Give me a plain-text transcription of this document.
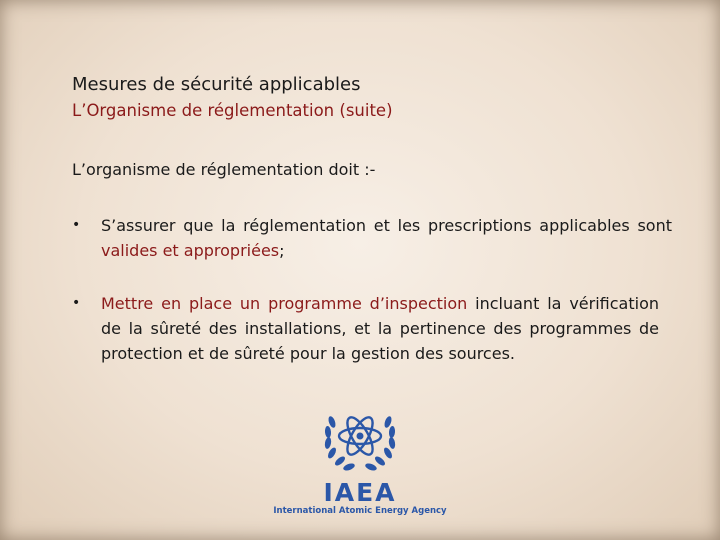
Mesures de sécurité applicables
L’Organisme de réglementation (suite)
L’organisme de réglementation doit :-
•	S’assurer que la réglementation et les prescriptions applicables sont valides et appropriées;
•	Mettre en place un programme d’inspection incluant la vérification de la sûreté des installations, et la pertinence des programmes de protection et de sûreté pour la gestion des sources.
IAEA
International Atomic Energy Agency
